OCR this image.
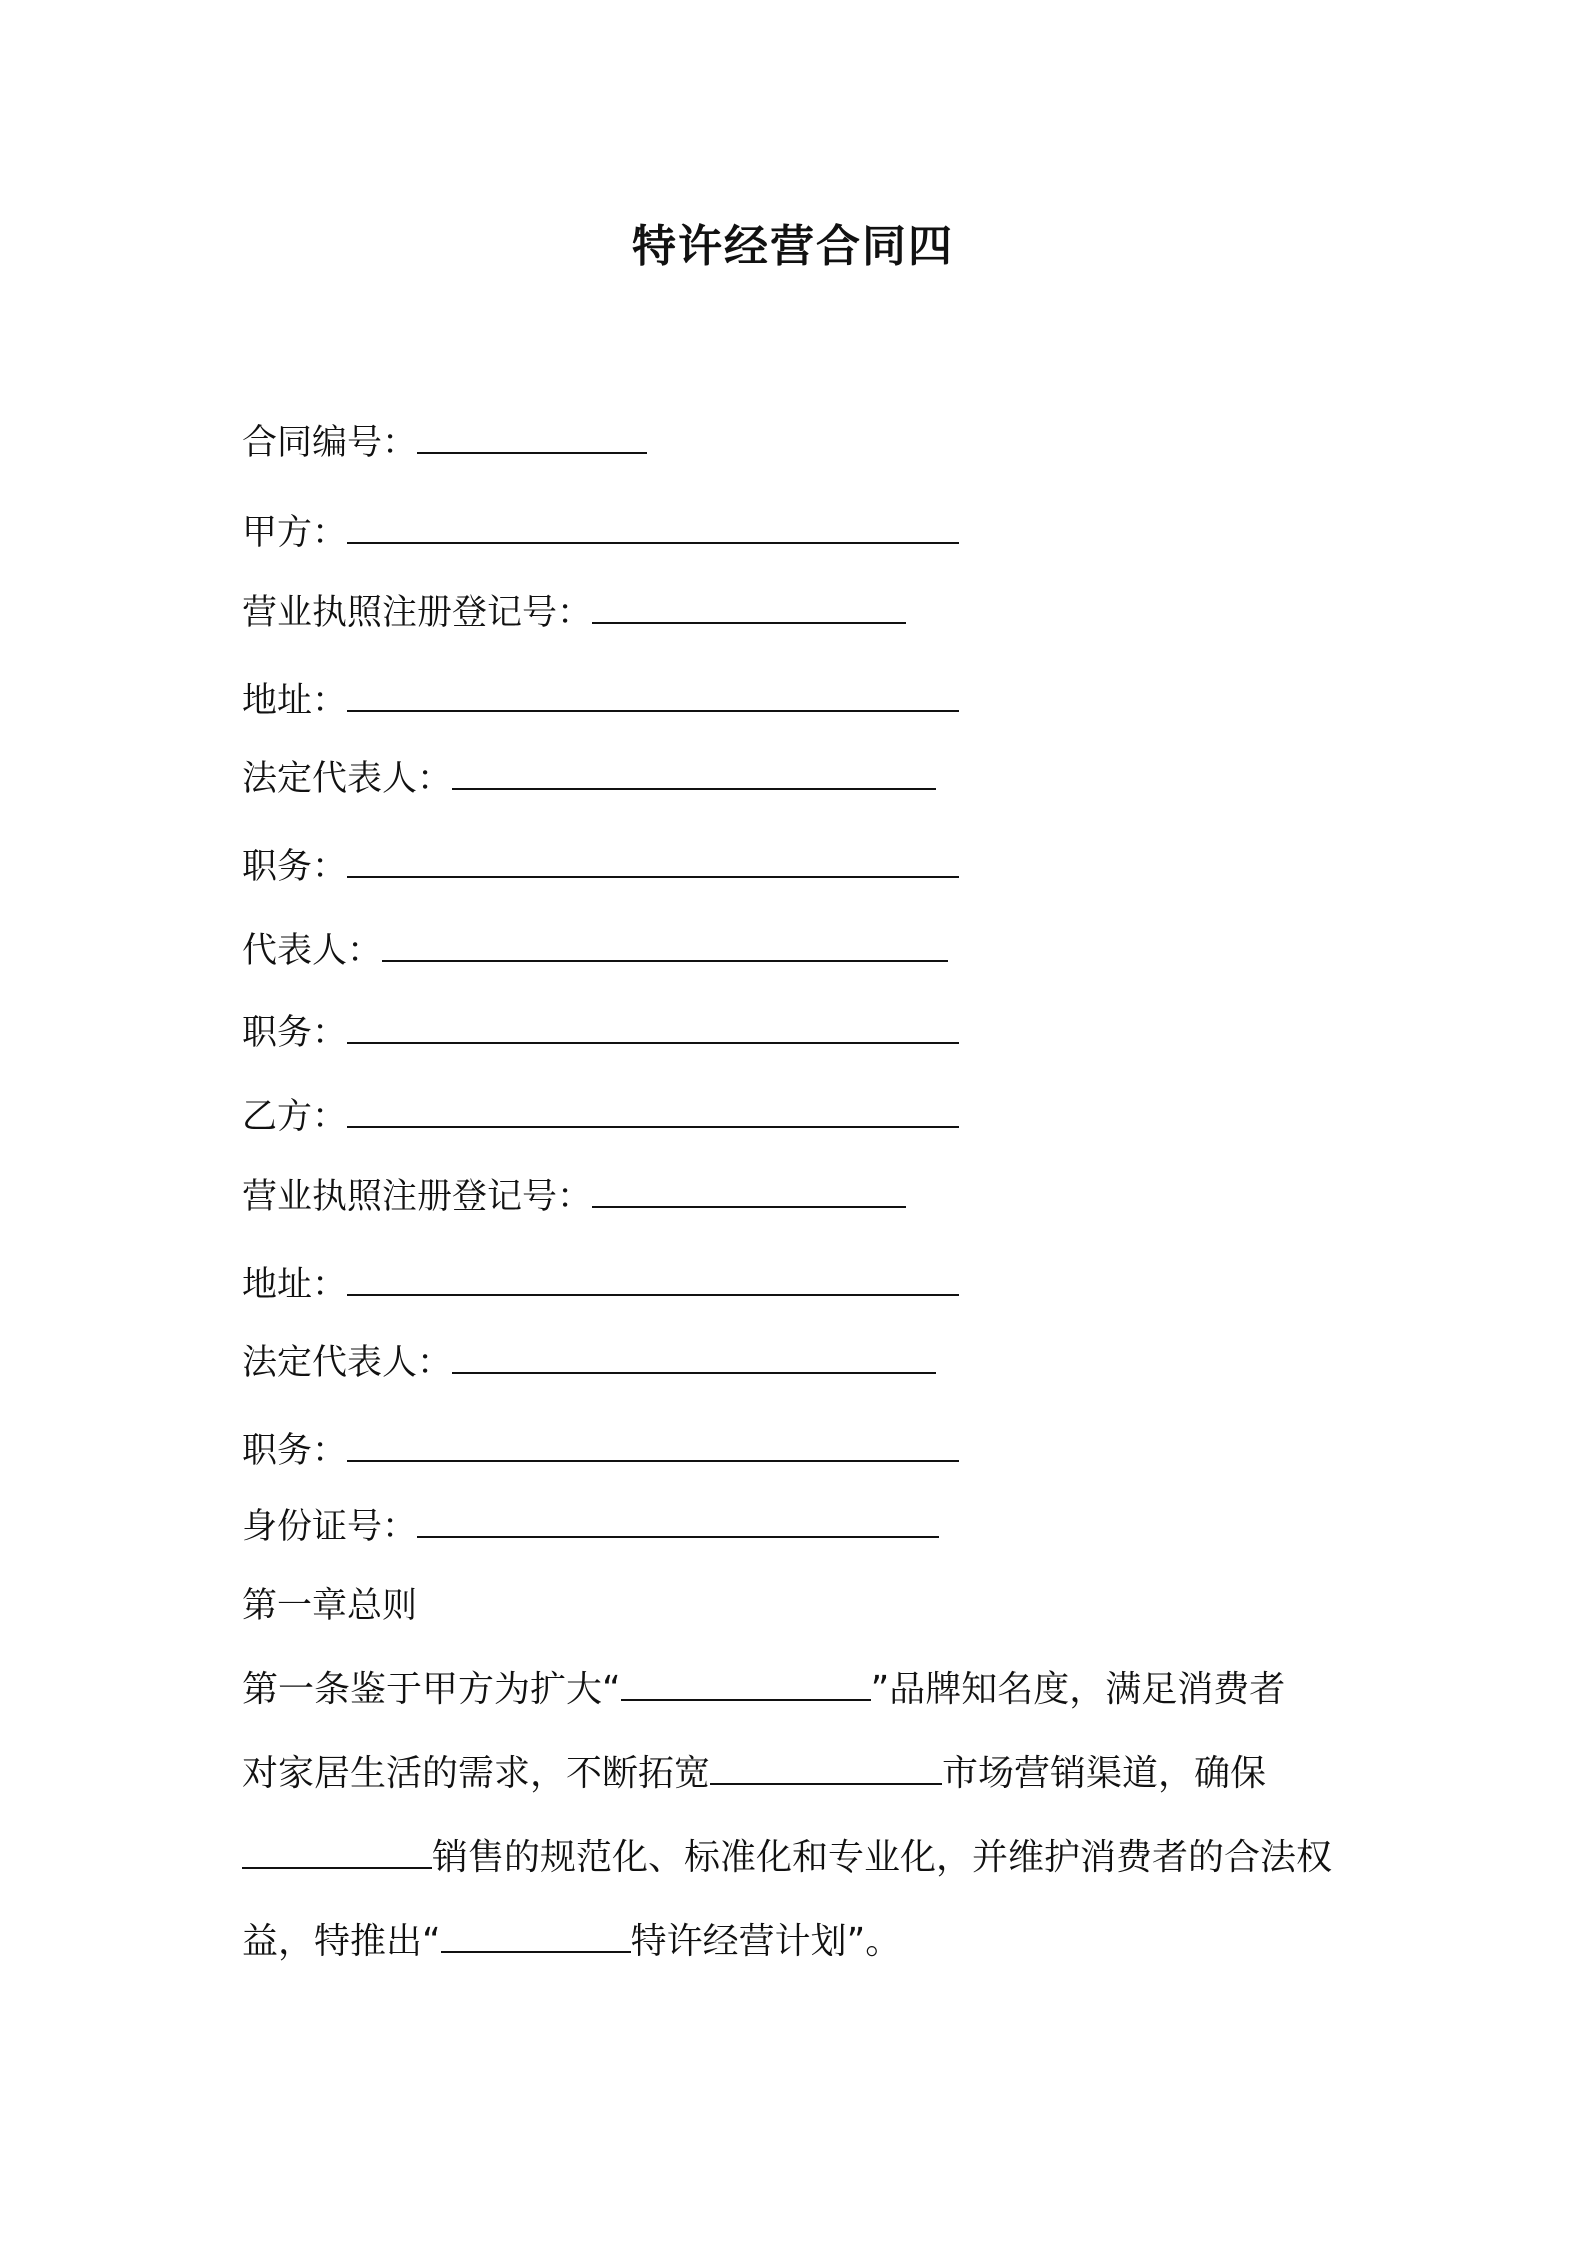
特许经营合同四
合同编号：
甲方：
营业执照注册登记号：
地址：
法定代表人：
职务：
代表人：
职务：
乙方：
营业执照注册登记号：
地址：
法定代表人：
职务：
身份证号：
第一章总则
第一条鉴于甲方为扩大“	”品牌知名度，满足消费者
对家居生活的需求，不断拓宽	市场营销渠道，确保
销售的规范化、标准化和专业化，并维护消费者的合法权
益，特推出“	特许经营计划”。
